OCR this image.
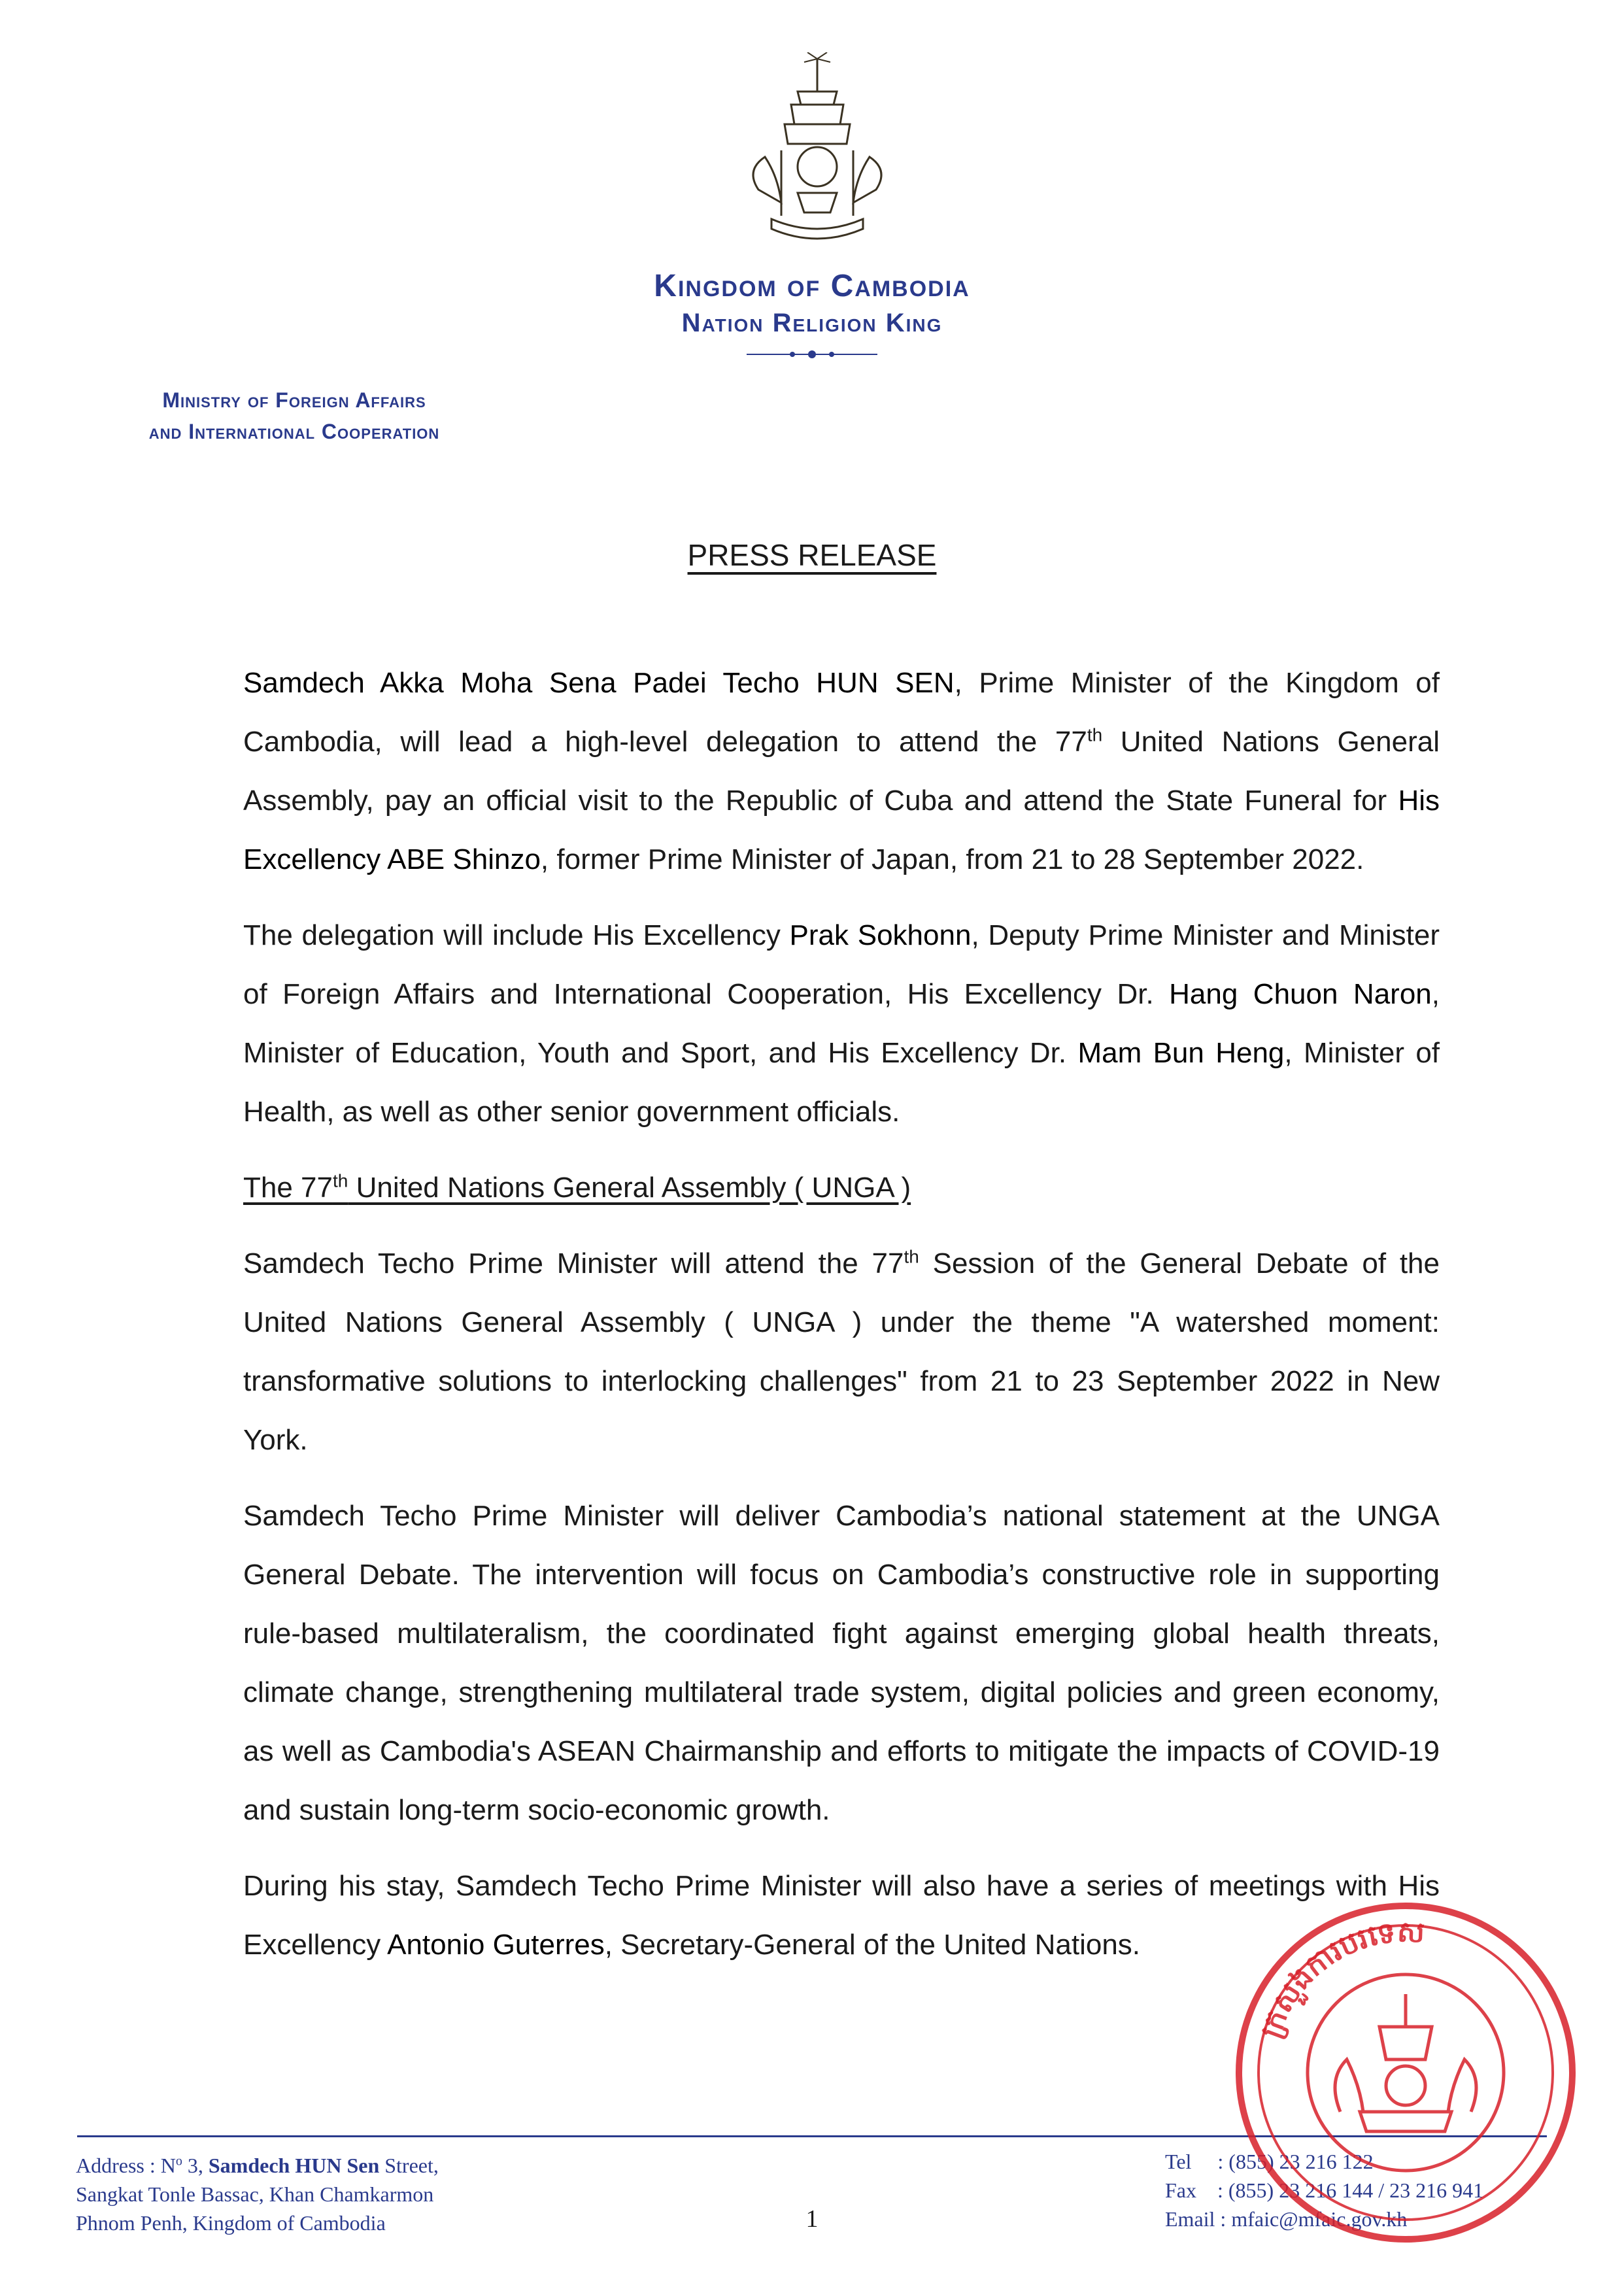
Kingdom of Cambodia
Nation Religion King
Ministry of Foreign Affairs
and International Cooperation
PRESS RELEASE

Samdech Akka Moha Sena Padei Techo HUN SEN, Prime Minister of the Kingdom of Cambodia, will lead a high-level delegation to attend the 77th United Nations General Assembly, pay an official visit to the Republic of Cuba and attend the State Funeral for His Excellency ABE Shinzo, former Prime Minister of Japan, from 21 to 28 September 2022.

The delegation will include His Excellency Prak Sokhonn, Deputy Prime Minister and Minister of Foreign Affairs and International Cooperation, His Excellency Dr. Hang Chuon Naron, Minister of Education, Youth and Sport, and His Excellency Dr. Mam Bun Heng, Minister of Health, as well as other senior government officials.

The 77th United Nations General Assembly ( UNGA )

Samdech Techo Prime Minister will attend the 77th Session of the General Debate of the United Nations General Assembly ( UNGA ) under the theme "A watershed moment: transformative solutions to interlocking challenges" from 21 to 23 September 2022 in New York.

Samdech Techo Prime Minister will deliver Cambodia’s national statement at the UNGA General Debate. The intervention will focus on Cambodia’s constructive role in supporting rule-based multilateralism, the coordinated fight against emerging global health threats, climate change, strengthening multilateral trade system, digital policies and green economy, as well as Cambodia's ASEAN Chairmanship and efforts to mitigate the impacts of COVID-19 and sustain long-term socio-economic growth.

During his stay, Samdech Techo Prime Minister will also have a series of meetings with His Excellency Antonio Guterres, Secretary-General of the United Nations.

Address : $N^o$ 3, Samdech HUN Sen Street,
Sangkat Tonle Bassac, Khan Chamkarmon
Phnom Penh, Kingdom of Cambodia
Tel     : (855) 23 216 122
Fax    : (855) 23 216 144 / 23 216 941
Email : mfaic@mfaic.gov.kh
1
ក្រសួងការបរទេស
